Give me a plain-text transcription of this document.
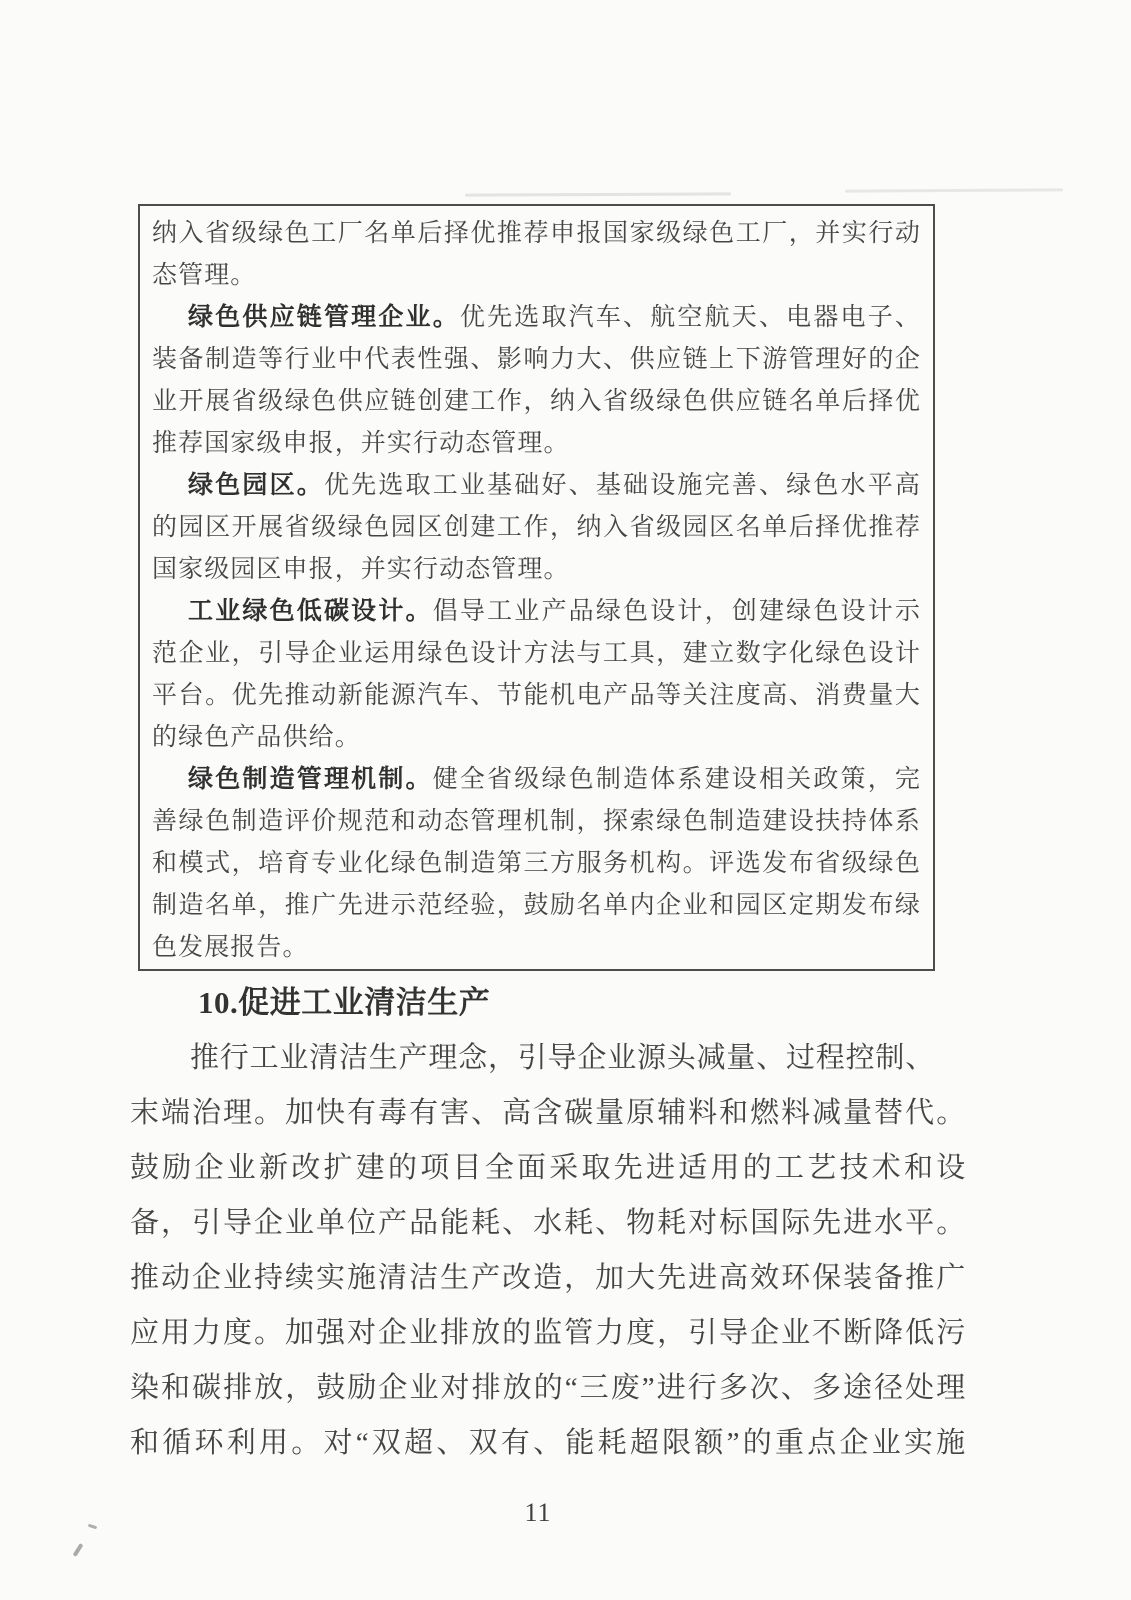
纳入省级绿色工厂名单后择优推荐申报国家级绿色工厂，并实行动
态管理。
绿色供应链管理企业。优先选取汽车、航空航天、电器电子、
装备制造等行业中代表性强、影响力大、供应链上下游管理好的企
业开展省级绿色供应链创建工作，纳入省级绿色供应链名单后择优
推荐国家级申报，并实行动态管理。
绿色园区。优先选取工业基础好、基础设施完善、绿色水平高
的园区开展省级绿色园区创建工作，纳入省级园区名单后择优推荐
国家级园区申报，并实行动态管理。
工业绿色低碳设计。倡导工业产品绿色设计，创建绿色设计示
范企业，引导企业运用绿色设计方法与工具，建立数字化绿色设计
平台。优先推动新能源汽车、节能机电产品等关注度高、消费量大
的绿色产品供给。
绿色制造管理机制。健全省级绿色制造体系建设相关政策，完
善绿色制造评价规范和动态管理机制，探索绿色制造建设扶持体系
和模式，培育专业化绿色制造第三方服务机构。评选发布省级绿色
制造名单，推广先进示范经验，鼓励名单内企业和园区定期发布绿
色发展报告。
10.促进工业清洁生产
推行工业清洁生产理念，引导企业源头减量、过程控制、
末端治理。加快有毒有害、高含碳量原辅料和燃料减量替代。
鼓励企业新改扩建的项目全面采取先进适用的工艺技术和设
备，引导企业单位产品能耗、水耗、物耗对标国际先进水平。
推动企业持续实施清洁生产改造，加大先进高效环保装备推广
应用力度。加强对企业排放的监管力度，引导企业不断降低污
染和碳排放，鼓励企业对排放的“三废”进行多次、多途径处理
和循环利用。对“双超、双有、能耗超限额”的重点企业实施
11
